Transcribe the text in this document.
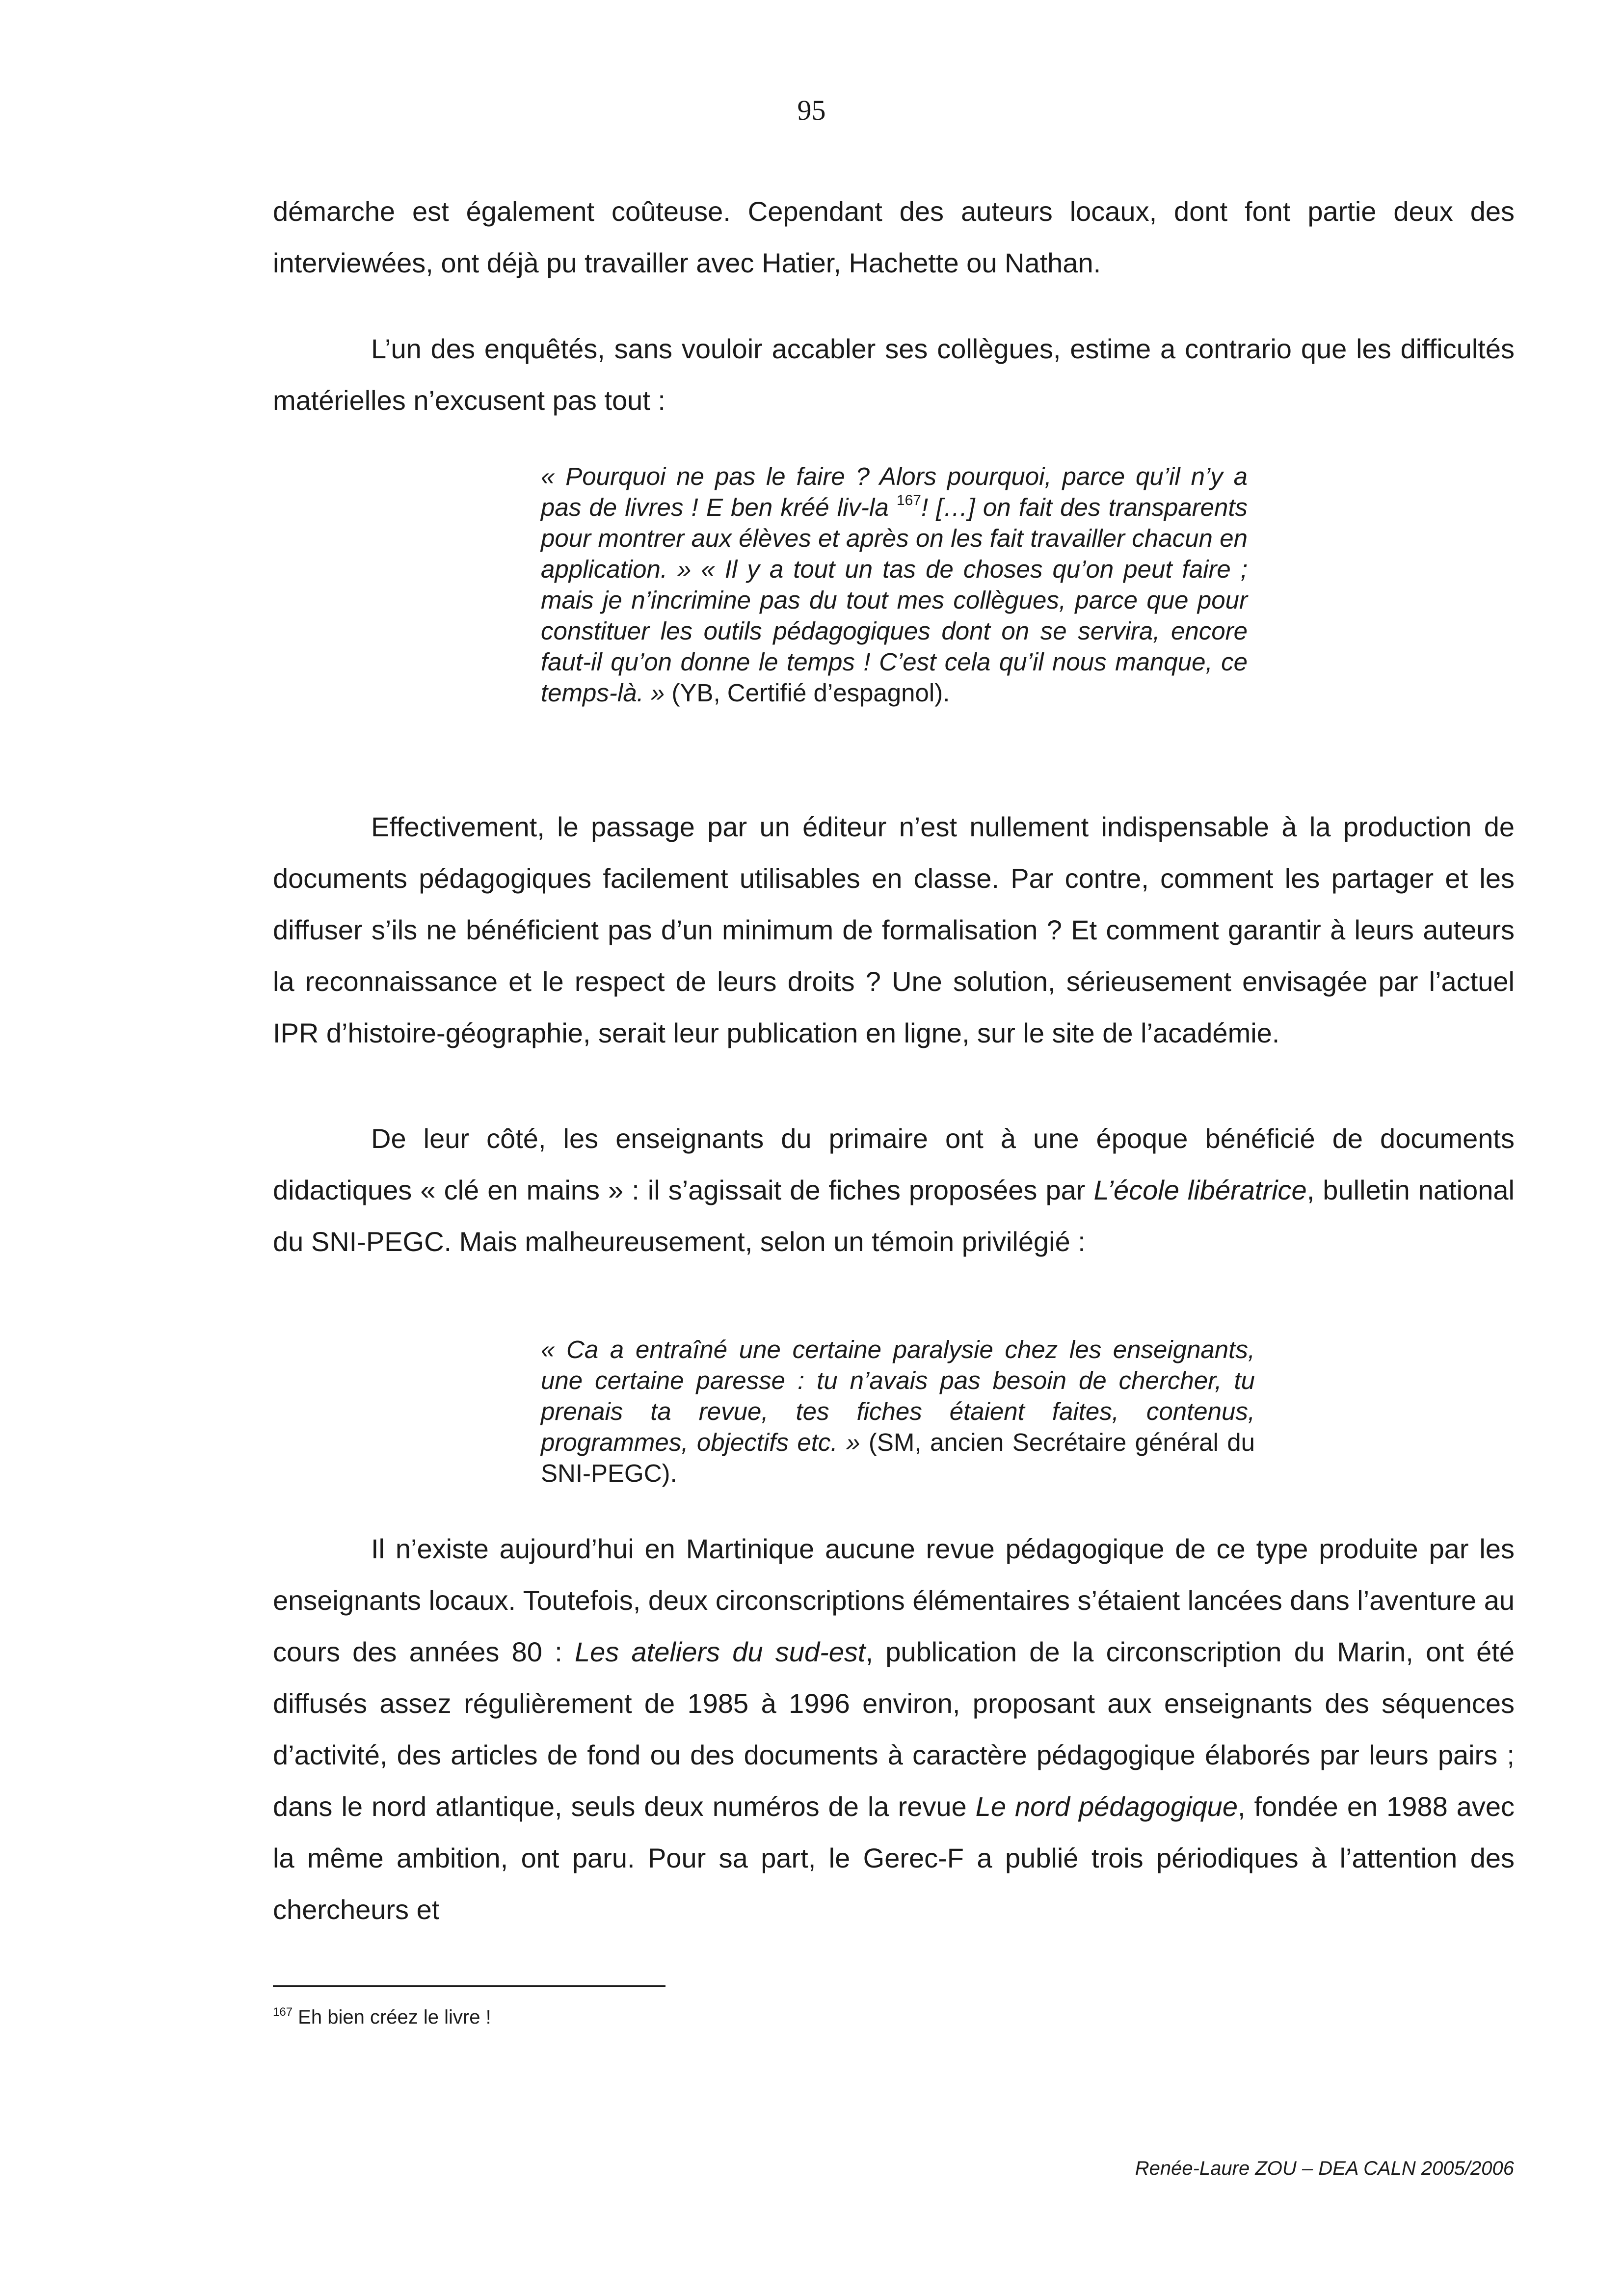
95

démarche est également coûteuse. Cependant des auteurs locaux, dont font partie deux des interviewées, ont déjà pu travailler avec Hatier, Hachette ou Nathan.

L’un des enquêtés, sans vouloir accabler ses collègues, estime a contrario que les difficultés matérielles n’excusent pas tout :

« Pourquoi ne pas le faire ? Alors pourquoi, parce qu’il n’y a pas de livres ! E ben kréé liv-la $^{167}$! […] on fait des transparents pour montrer aux élèves et après on les fait travailler chacun en application. » « Il y a tout un tas de choses qu’on peut faire ; mais je n’incrimine pas du tout mes collègues, parce que pour constituer les outils pédagogiques dont on se servira, encore faut-il qu’on donne le temps ! C’est cela qu’il nous manque, ce temps-là. » (YB, Certifié d’espagnol).

Effectivement, le passage par un éditeur n’est nullement indispensable à la production de documents pédagogiques facilement utilisables en classe. Par contre, comment les partager et les diffuser s’ils ne bénéficient pas d’un minimum de formalisation ? Et comment garantir à leurs auteurs la reconnaissance et le respect de leurs droits ? Une solution, sérieusement envisagée par l’actuel IPR d’histoire-géographie, serait leur publication en ligne, sur le site de l’académie.

De leur côté, les enseignants du primaire ont à une époque bénéficié de documents didactiques « clé en mains » : il s’agissait de fiches proposées par L’école libératrice, bulletin national du SNI-PEGC. Mais malheureusement, selon un témoin privilégié :

« Ca a entraîné une certaine paralysie chez les enseignants, une certaine paresse : tu n’avais pas besoin de chercher, tu prenais ta revue, tes fiches étaient faites, contenus, programmes, objectifs etc. » (SM, ancien Secrétaire général du SNI-PEGC).

Il n’existe aujourd’hui en Martinique aucune revue pédagogique de ce type produite par les enseignants locaux. Toutefois, deux circonscriptions élémentaires s’étaient lancées dans l’aventure au cours des années 80 : Les ateliers du sud-est, publication de la circonscription du Marin, ont été diffusés assez régulièrement de 1985 à 1996 environ, proposant aux enseignants des séquences d’activité, des articles de fond ou des documents à caractère pédagogique élaborés par leurs pairs ; dans le nord atlantique, seuls deux numéros de la revue Le nord pédagogique, fondée en 1988 avec la même ambition, ont paru. Pour sa part, le Gerec-F a publié trois périodiques à l’attention des chercheurs et

$^{167}$ Eh bien créez le livre !
Renée-Laure ZOU – DEA CALN 2005/2006
